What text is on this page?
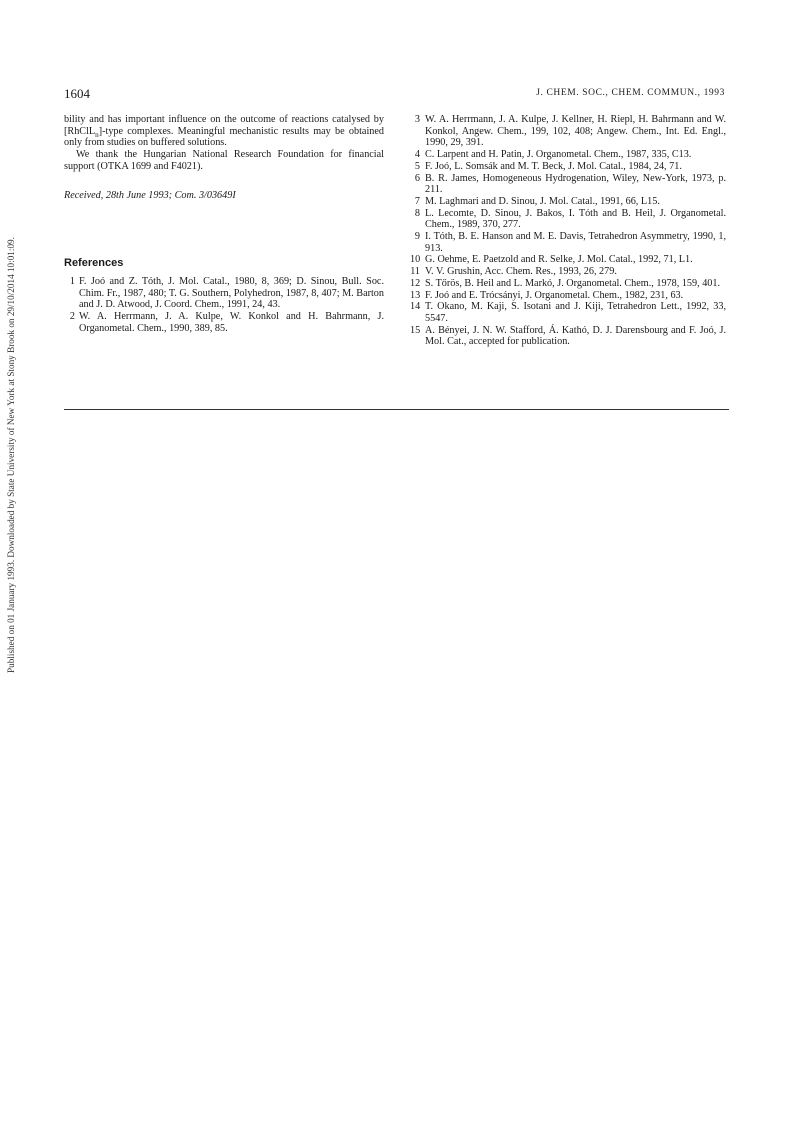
Published on 01 January 1993. Downloaded by State University of New York at Stony Brook on 29/10/2014 10:01:09.
1604	J. CHEM. SOC., CHEM. COMMUN., 1993

bility and has important influence on the outcome of reactions catalysed by [RhClL$_n$]-type complexes. Meaningful mechanistic results may be obtained only from studies on buffered solutions.

We thank the Hungarian National Research Foundation for financial support (OTKA 1699 and F4021).

Received, 28th June 1993; Com. 3/03649I

References

1 F. Joó and Z. Tóth, J. Mol. Catal., 1980, 8, 369; D. Sinou, Bull. Soc. Chim. Fr., 1987, 480; T. G. Southern, Polyhedron, 1987, 8, 407; M. Barton and J. D. Atwood, J. Coord. Chem., 1991, 24, 43.

2 W. A. Herrmann, J. A. Kulpe, W. Konkol and H. Bahrmann, J. Organometal. Chem., 1990, 389, 85.

3 W. A. Herrmann, J. A. Kulpe, J. Kellner, H. Riepl, H. Bahrmann and W. Konkol, Angew. Chem., 199, 102, 408; Angew. Chem., Int. Ed. Engl., 1990, 29, 391.

4 C. Larpent and H. Patin, J. Organometal. Chem., 1987, 335, C13.

5 F. Joó, L. Somsák and M. T. Beck, J. Mol. Catal., 1984, 24, 71.

6 B. R. James, Homogeneous Hydrogenation, Wiley, New-York, 1973, p. 211.

7 M. Laghmari and D. Sinou, J. Mol. Catal., 1991, 66, L15.

8 L. Lecomte, D. Sinou, J. Bakos, I. Tóth and B. Heil, J. Organometal. Chem., 1989, 370, 277.

9 I. Tóth, B. E. Hanson and M. E. Davis, Tetrahedron Asymmetry, 1990, 1, 913.

10 G. Oehme, E. Paetzold and R. Selke, J. Mol. Catal., 1992, 71, L1.

11 V. V. Grushin, Acc. Chem. Res., 1993, 26, 279.

12 S. Tőrös, B. Heil and L. Markó, J. Organometal. Chem., 1978, 159, 401.

13 F. Joó and E. Trócsányi, J. Organometal. Chem., 1982, 231, 63.

14 T. Okano, M. Kaji, S. Isotani and J. Kiji, Tetrahedron Lett., 1992, 33, 5547.

15 A. Bényei, J. N. W. Stafford, Á. Kathó, D. J. Darensbourg and F. Joó, J. Mol. Cat., accepted for publication.
